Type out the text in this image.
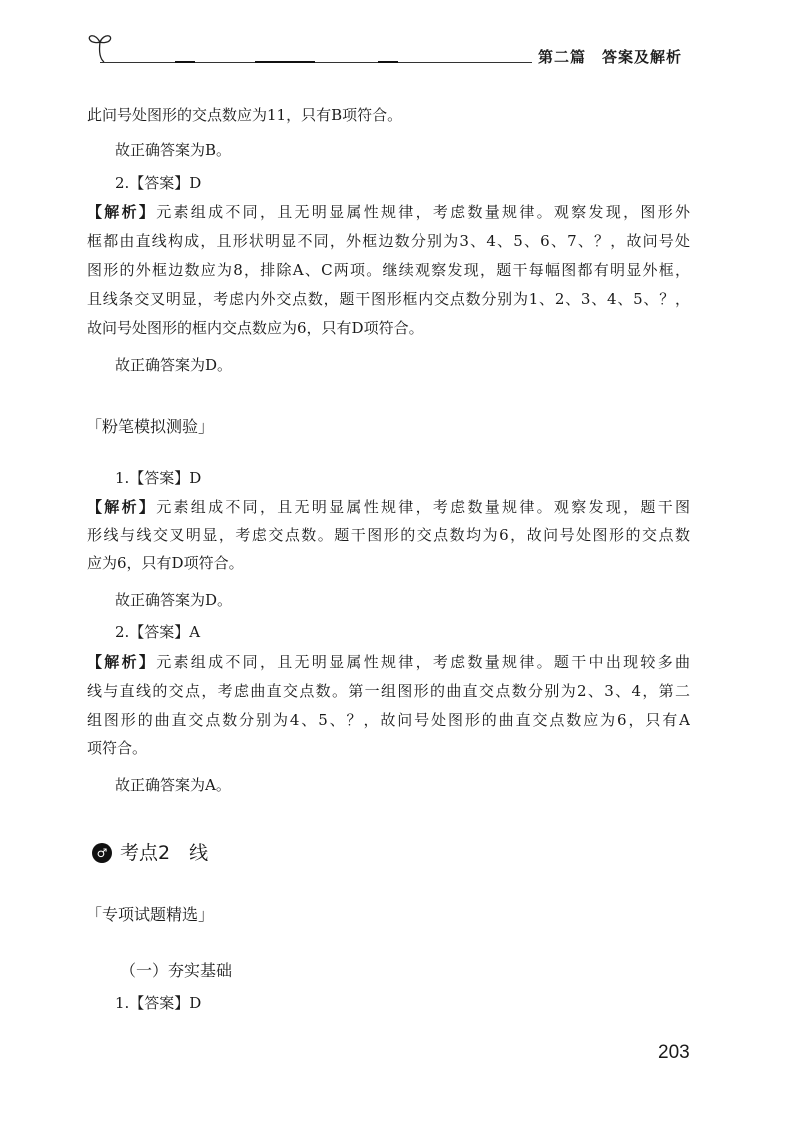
第二篇　答案及解析
此问号处图形的交点数应为11，只有B项符合。
故正确答案为B。
2.【答案】D
【解析】元素组成不同，且无明显属性规律，考虑数量规律。观察发现，图形外
框都由直线构成，且形状明显不同，外框边数分别为3、4、5、6、7、？，故问号处
图形的外框边数应为8，排除A、C两项。继续观察发现，题干每幅图都有明显外框，
且线条交叉明显，考虑内外交点数，题干图形框内交点数分别为1、2、3、4、5、？，
故问号处图形的框内交点数应为6，只有D项符合。
故正确答案为D。
「粉笔模拟测验」
1.【答案】D
【解析】元素组成不同，且无明显属性规律，考虑数量规律。观察发现，题干图
形线与线交叉明显，考虑交点数。题干图形的交点数均为6，故问号处图形的交点数
应为6，只有D项符合。
故正确答案为D。
2.【答案】A
【解析】元素组成不同，且无明显属性规律，考虑数量规律。题干中出现较多曲
线与直线的交点，考虑曲直交点数。第一组图形的曲直交点数分别为2、3、4，第二
组图形的曲直交点数分别为4、5、？，故问号处图形的曲直交点数应为6，只有A
项符合。
故正确答案为A。
♂ 考点2　线
「专项试题精选」
（一）夯实基础
1.【答案】D
203
